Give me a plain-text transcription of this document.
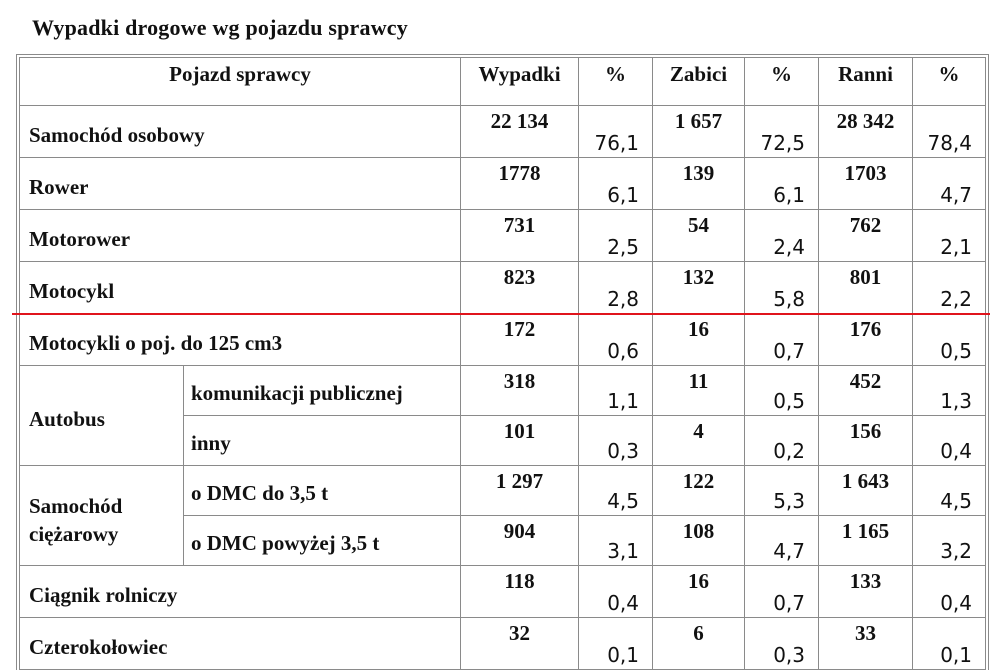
Wypadki drogowe wg pojazdu sprawcy
Pojazd sprawcy		Wypadki	%	Zabici	%	Ranni	%
Samochód osobowy		22 134	76,1	1 657	72,5	28 342	78,4
Rower		1778	6,1	139	6,1	1703	4,7
Motorower		731	2,5	54	2,4	762	2,1
Motocykl		823	2,8	132	5,8	801	2,2
Motocykli o poj. do 125 cm3		172	0,6	16	0,7	176	0,5
Autobus	komunikacji publicznej	318	1,1	11	0,5	452	1,3
	inny	101	0,3	4	0,2	156	0,4
Samochód ciężarowy	o DMC do 3,5 t	1 297	4,5	122	5,3	1 643	4,5
	o DMC powyżej 3,5 t	904	3,1	108	4,7	1 165	3,2
Ciągnik rolniczy		118	0,4	16	0,7	133	0,4
Czterokołowiec		32	0,1	6	0,3	33	0,1
